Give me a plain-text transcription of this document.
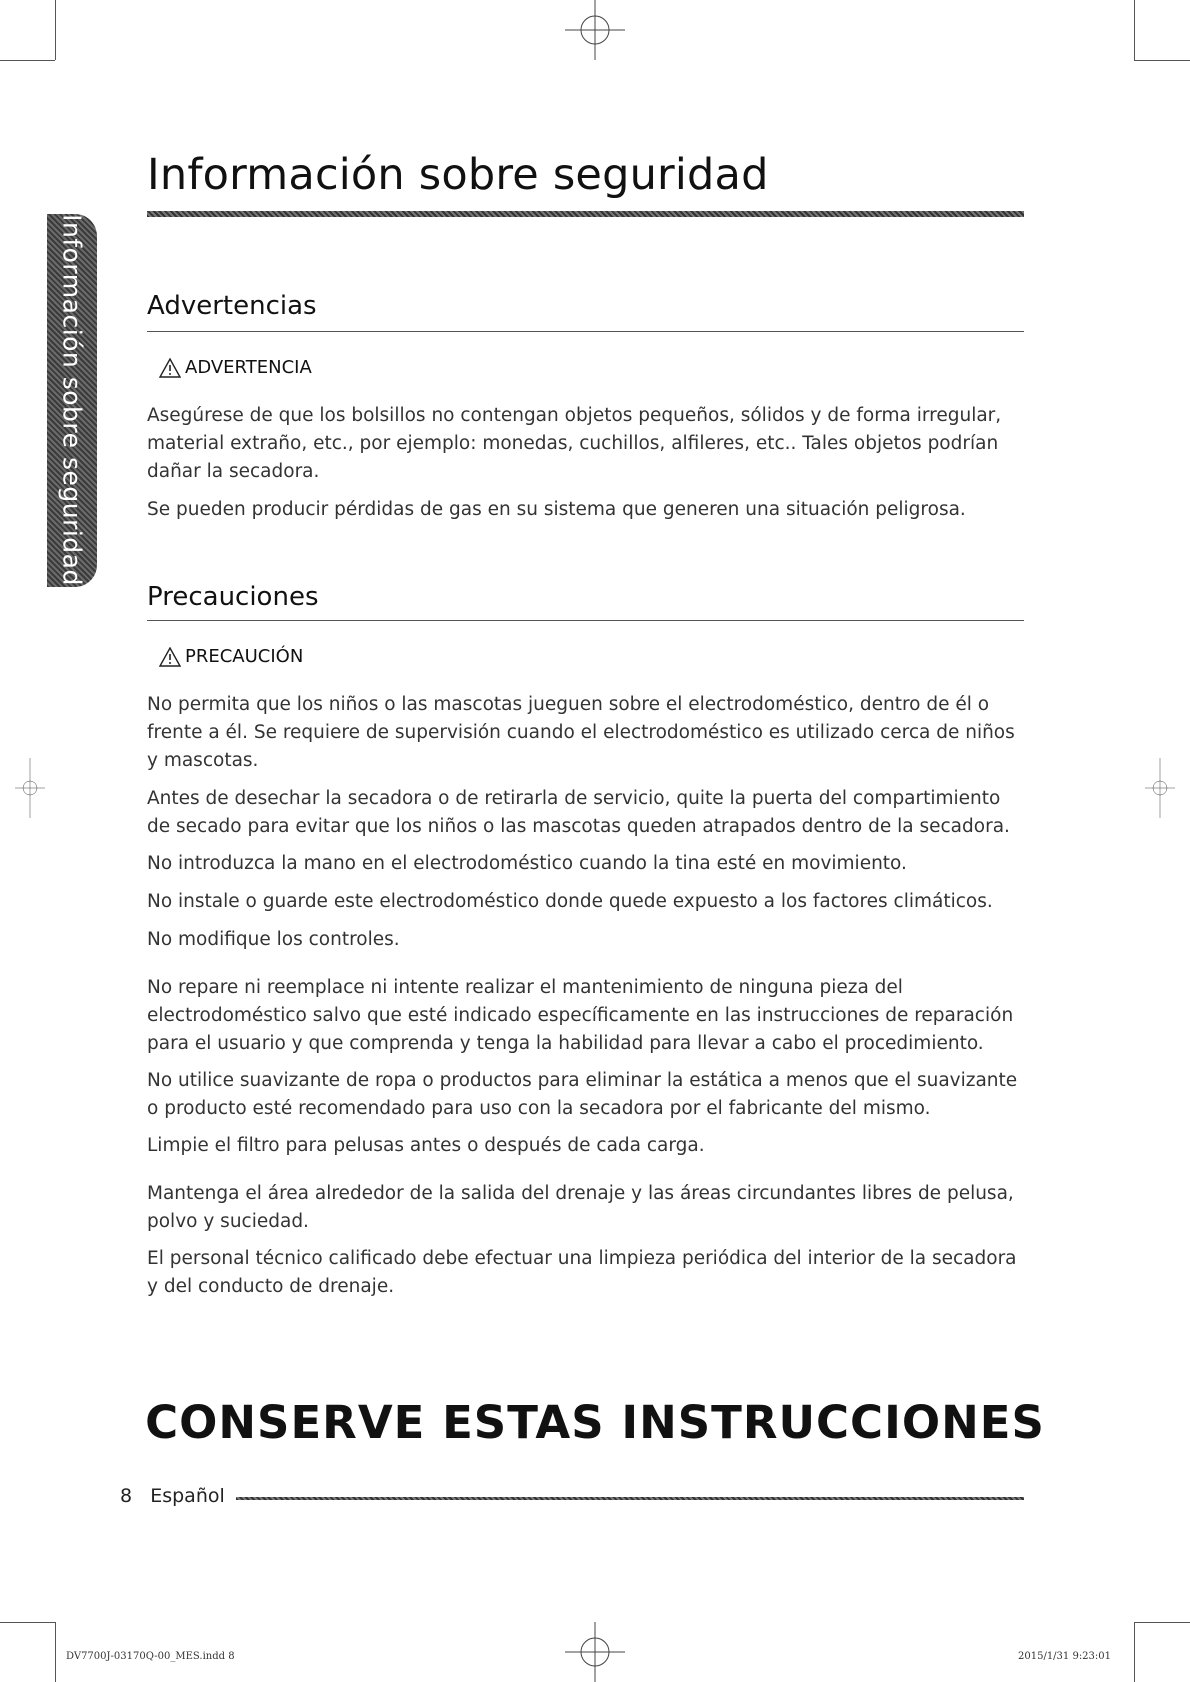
Información sobre seguridad
Información sobre seguridad
Advertencias
ADVERTENCIA
Asegúrese de que los bolsillos no contengan objetos pequeños, sólidos y de forma irregular, material extraño, etc., por ejemplo: monedas, cuchillos, alfileres, etc.. Tales objetos podrían dañar la secadora.
Se pueden producir pérdidas de gas en su sistema que generen una situación peligrosa.
Precauciones
PRECAUCIÓN
No permita que los niños o las mascotas jueguen sobre el electrodoméstico, dentro de él o frente a él. Se requiere de supervisión cuando el electrodoméstico es utilizado cerca de niños y mascotas.
Antes de desechar la secadora o de retirarla de servicio, quite la puerta del compartimiento de secado para evitar que los niños o las mascotas queden atrapados dentro de la secadora.
No introduzca la mano en el electrodoméstico cuando la tina esté en movimiento.
No instale o guarde este electrodoméstico donde quede expuesto a los factores climáticos.
No modifique los controles.
No repare ni reemplace ni intente realizar el mantenimiento de ninguna pieza del electrodoméstico salvo que esté indicado específicamente en las instrucciones de reparación para el usuario y que comprenda y tenga la habilidad para llevar a cabo el procedimiento.
No utilice suavizante de ropa o productos para eliminar la estática a menos que el suavizante o producto esté recomendado para uso con la secadora por el fabricante del mismo.
Limpie el filtro para pelusas antes o después de cada carga.
Mantenga el área alrededor de la salida del drenaje y las áreas circundantes libres de pelusa, polvo y suciedad.
El personal técnico calificado debe efectuar una limpieza periódica del interior de la secadora y del conducto de drenaje.
CONSERVE ESTAS INSTRUCCIONES
8 Español
DV7700J-03170Q-00_MES.indd 8	2015/1/31 9:23:01
